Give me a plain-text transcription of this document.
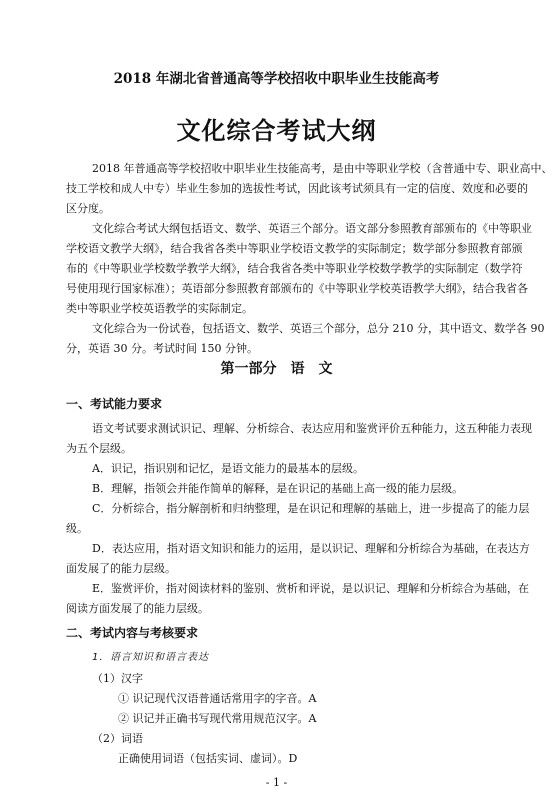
2018 年湖北省普通高等学校招收中职毕业生技能高考
文化综合考试大纲
2018 年普通高等学校招收中职毕业生技能高考，是由中等职业学校（含普通中专、职业高中、
技工学校和成人中专）毕业生参加的选拔性考试，因此该考试须具有一定的信度、效度和必要的
区分度。
文化综合考试大纲包括语文、数学、英语三个部分。语文部分参照教育部颁布的《中等职业
学校语文教学大纲》，结合我省各类中等职业学校语文教学的实际制定；数学部分参照教育部颁
布的《中等职业学校数学教学大纲》，结合我省各类中等职业学校数学教学的实际制定（数学符
号使用现行国家标准）；英语部分参照教育部颁布的《中等职业学校英语教学大纲》，结合我省各
类中等职业学校英语教学的实际制定。
文化综合为一份试卷，包括语文、数学、英语三个部分，总分 210 分，其中语文、数学各 90
分，英语 30 分。考试时间 150 分钟。
第一部分　语　文
一、考试能力要求
语文考试要求测试识记、理解、分析综合、表达应用和鉴赏评价五种能力，这五种能力表现
为五个层级。
A．识记，指识别和记忆，是语文能力的最基本的层级。
B．理解，指领会并能作简单的解释，是在识记的基础上高一级的能力层级。
C．分析综合，指分解剖析和归纳整理，是在识记和理解的基础上，进一步提高了的能力层
级。
D．表达应用，指对语文知识和能力的运用，是以识记、理解和分析综合为基础，在表达方
面发展了的能力层级。
E．鉴赏评价，指对阅读材料的鉴别、赏析和评说，是以识记、理解和分析综合为基础，在
阅读方面发展了的能力层级。
二、考试内容与考核要求
1．语言知识和语言表达
（1）汉字
① 识记现代汉语普通话常用字的字音。A
② 识记并正确书写现代常用规范汉字。A
（2）词语
正确使用词语（包括实词、虚词）。D
- 1 -
